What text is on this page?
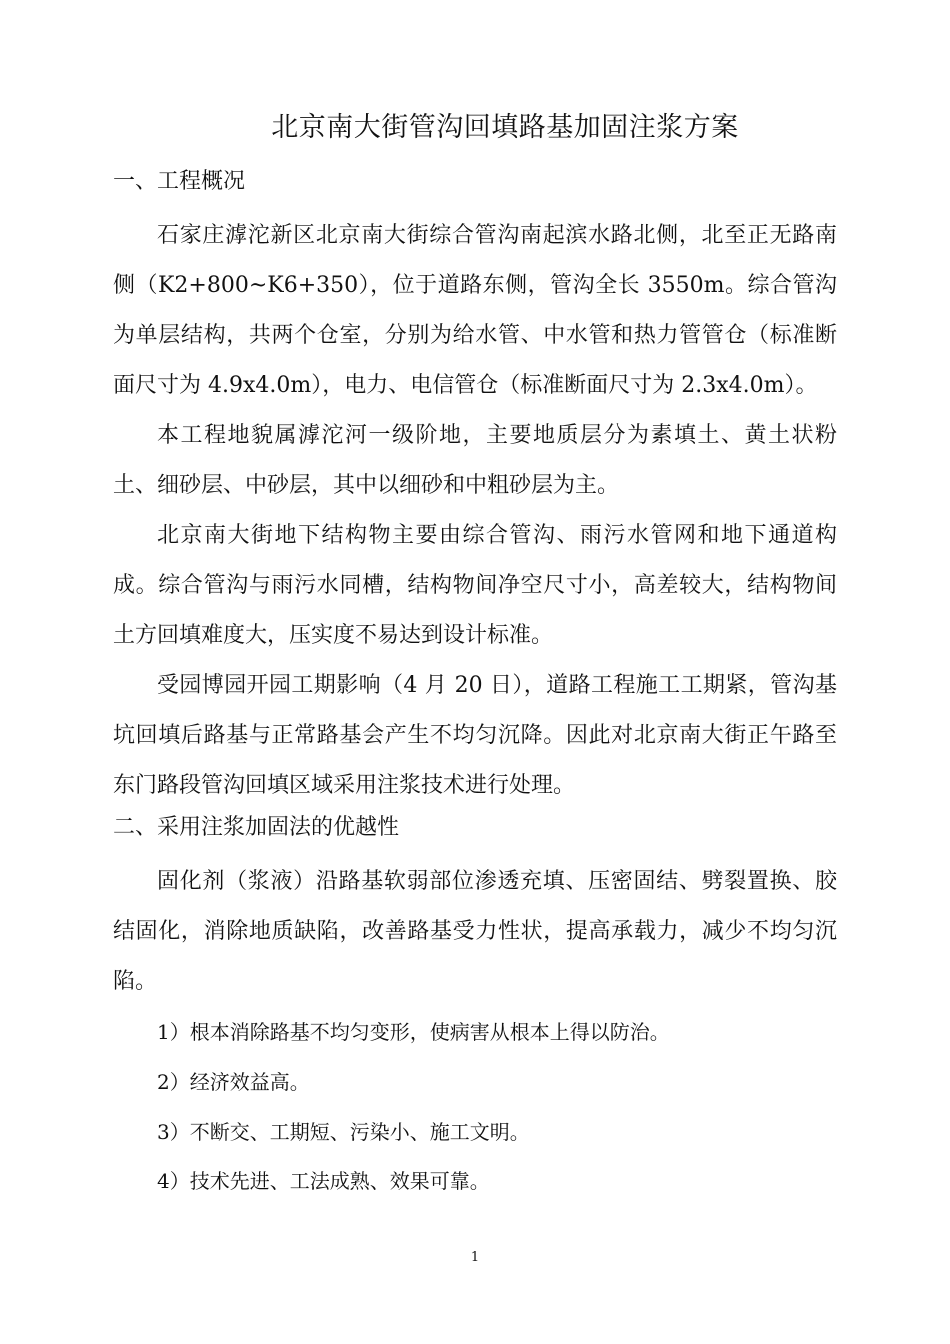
北京南大街管沟回填路基加固注浆方案
一、工程概况

石家庄滹沱新区北京南大街综合管沟南起滨水路北侧，北至正无路南侧（K2+800~K6+350），位于道路东侧，管沟全长 3550m。综合管沟为单层结构，共两个仓室，分别为给水管、中水管和热力管管仓（标准断面尺寸为 4.9x4.0m），电力、电信管仓（标准断面尺寸为 2.3x4.0m）。

本工程地貌属滹沱河一级阶地，主要地质层分为素填土、黄土状粉土、细砂层、中砂层，其中以细砂和中粗砂层为主。

北京南大街地下结构物主要由综合管沟、雨污水管网和地下通道构成。综合管沟与雨污水同槽，结构物间净空尺寸小，高差较大，结构物间土方回填难度大，压实度不易达到设计标准。

受园博园开园工期影响（4 月 20 日），道路工程施工工期紧，管沟基坑回填后路基与正常路基会产生不均匀沉降。因此对北京南大街正午路至东门路段管沟回填区域采用注浆技术进行处理。

二、采用注浆加固法的优越性

固化剂（浆液）沿路基软弱部位渗透充填、压密固结、劈裂置换、胶结固化，消除地质缺陷，改善路基受力性状，提高承载力，减少不均匀沉陷。

1）根本消除路基不均匀变形，使病害从根本上得以防治。
2）经济效益高。
3）不断交、工期短、污染小、施工文明。
4）技术先进、工法成熟、效果可靠。
1
